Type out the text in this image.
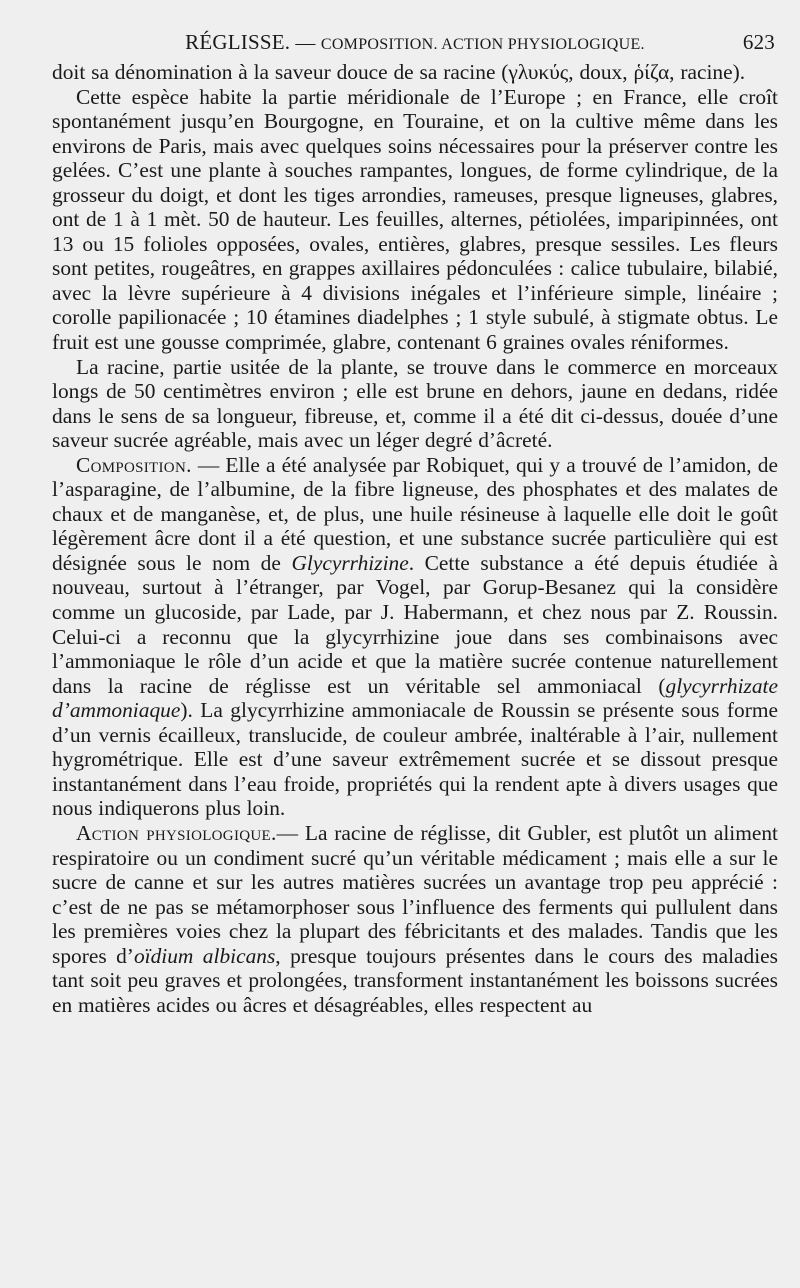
RÉGLISSE. — COMPOSITION. ACTION PHYSIOLOGIQUE.	623

doit sa dénomination à la saveur douce de sa racine (γλυκύς, doux, ῥίζα, racine).

Cette espèce habite la partie méridionale de l’Europe ; en France, elle croît spontanément jusqu’en Bourgogne, en Touraine, et on la cultive même dans les environs de Paris, mais avec quelques soins nécessaires pour la préserver contre les gelées. C’est une plante à souches rampantes, longues, de forme cylindrique, de la grosseur du doigt, et dont les tiges arrondies, rameuses, presque ligneuses, glabres, ont de 1 à 1 mèt. 50 de hauteur. Les feuilles, alternes, pétiolées, imparipinnées, ont 13 ou 15 folioles opposées, ovales, entières, glabres, presque sessiles. Les fleurs sont petites, rougeâtres, en grappes axillaires pédonculées : calice tubulaire, bilabié, avec la lèvre supérieure à 4 divisions inégales et l’inférieure simple, linéaire ; corolle papilionacée ; 10 étamines diadelphes ; 1 style subulé, à stigmate obtus. Le fruit est une gousse comprimée, glabre, contenant 6 graines ovales réniformes.

La racine, partie usitée de la plante, se trouve dans le commerce en morceaux longs de 50 centimètres environ ; elle est brune en dehors, jaune en dedans, ridée dans le sens de sa longueur, fibreuse, et, comme il a été dit ci-dessus, douée d’une saveur sucrée agréable, mais avec un léger degré d’âcreté.

Composition. — Elle a été analysée par Robiquet, qui y a trouvé de l’amidon, de l’asparagine, de l’albumine, de la fibre ligneuse, des phosphates et des malates de chaux et de manganèse, et, de plus, une huile résineuse à laquelle elle doit le goût légèrement âcre dont il a été question, et une substance sucrée particulière qui est désignée sous le nom de Glycyrrhizine. Cette substance a été depuis étudiée à nouveau, surtout à l’étranger, par Vogel, par Gorup-Besanez qui la considère comme un glucoside, par Lade, par J. Habermann, et chez nous par Z. Roussin. Celui-ci a reconnu que la glycyrrhizine joue dans ses combinaisons avec l’ammoniaque le rôle d’un acide et que la matière sucrée contenue naturellement dans la racine de réglisse est un véritable sel ammoniacal (glycyrrhizate d’ammoniaque). La glycyrrhizine ammoniacale de Roussin se présente sous forme d’un vernis écailleux, translucide, de couleur ambrée, inaltérable à l’air, nullement hygrométrique. Elle est d’une saveur extrêmement sucrée et se dissout presque instantanément dans l’eau froide, propriétés qui la rendent apte à divers usages que nous indiquerons plus loin.

Action physiologique.— La racine de réglisse, dit Gubler, est plutôt un aliment respiratoire ou un condiment sucré qu’un véritable médicament ; mais elle a sur le sucre de canne et sur les autres matières sucrées un avantage trop peu apprécié : c’est de ne pas se métamorphoser sous l’influence des ferments qui pullulent dans les premières voies chez la plupart des fébricitants et des malades. Tandis que les spores d’oïdium albicans, presque toujours présentes dans le cours des maladies tant soit peu graves et prolongées, transforment instantanément les boissons sucrées en matières acides ou âcres et désagréables, elles respectent au
